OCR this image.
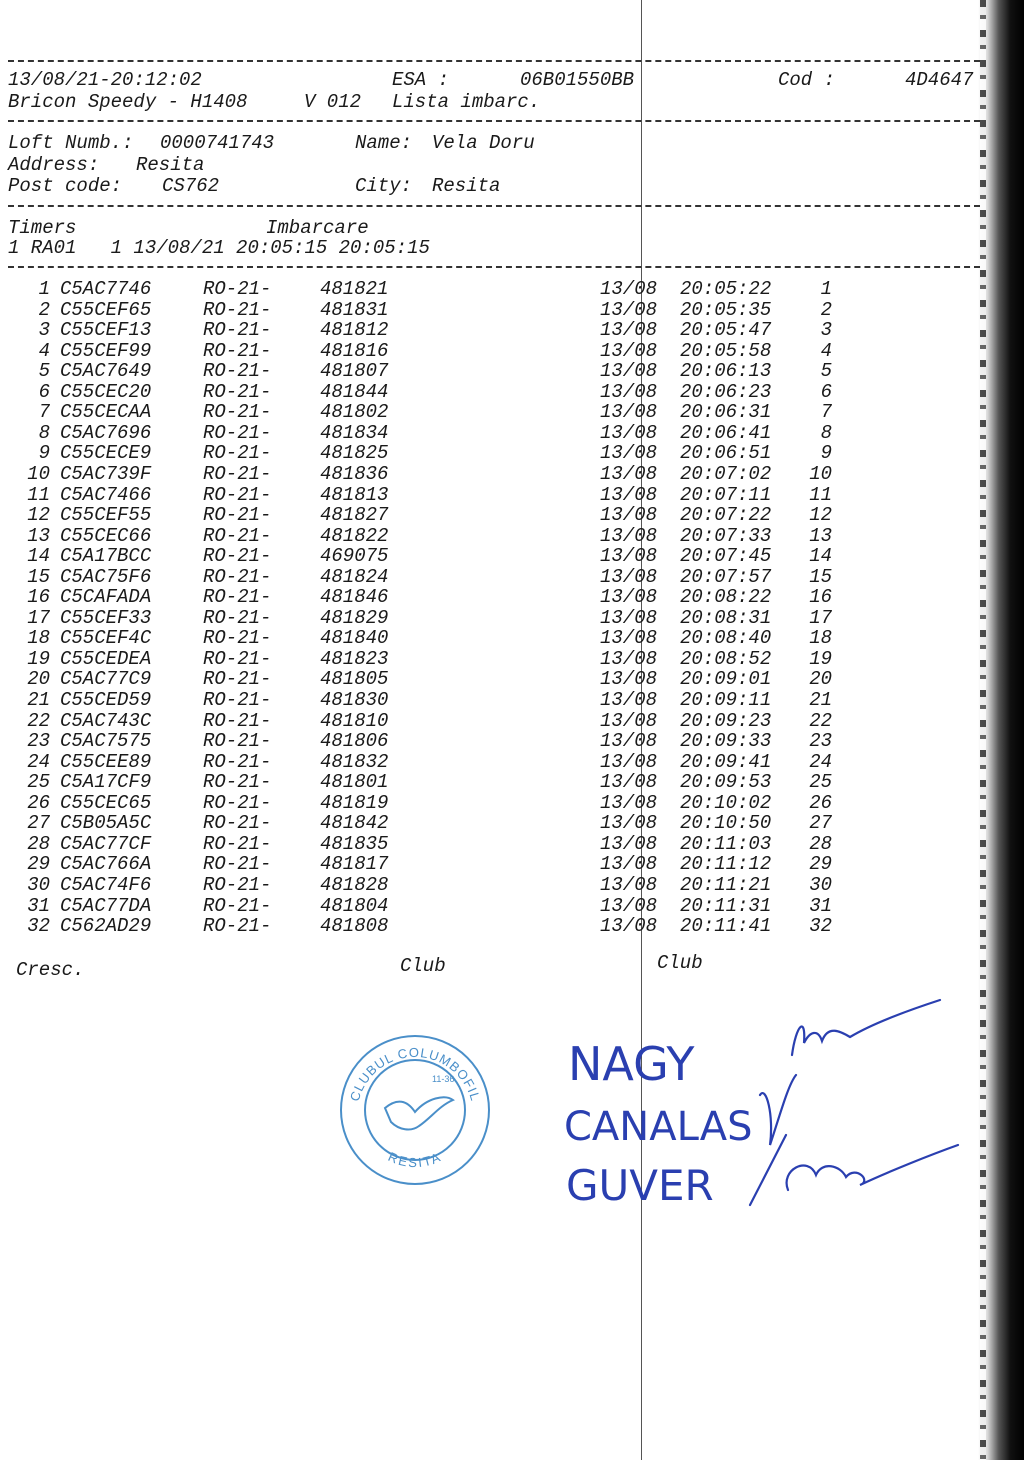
13/08/21-20:12:02	ESA :	06B01550BB	Cod :	4D4647
Bricon Speedy - H1408	V 012 Lista imbarc.
Loft Numb.: 0000741743	Name: Vela Doru
Address: Resita
Post code: CS762	City: Resita
Timers	Imbarcare
1 RA01   1 13/08/21 20:05:15 20:05:15
1 C5AC7746	RO-21-	481821	13/08 20:05:22	1
2 C55CEF65	RO-21-	481831	13/08 20:05:35	2
3 C55CEF13	RO-21-	481812	13/08 20:05:47	3
4 C55CEF99	RO-21-	481816	13/08 20:05:58	4
5 C5AC7649	RO-21-	481807	13/08 20:06:13	5
6 C55CEC20	RO-21-	481844	13/08 20:06:23	6
7 C55CECAA	RO-21-	481802	13/08 20:06:31	7
8 C5AC7696	RO-21-	481834	13/08 20:06:41	8
9 C55CECE9	RO-21-	481825	13/08 20:06:51	9
10 C5AC739F	RO-21-	481836	13/08 20:07:02	10
11 C5AC7466	RO-21-	481813	13/08 20:07:11	11
12 C55CEF55	RO-21-	481827	13/08 20:07:22	12
13 C55CEC66	RO-21-	481822	13/08 20:07:33	13
14 C5A17BCC	RO-21-	469075	13/08 20:07:45	14
15 C5AC75F6	RO-21-	481824	13/08 20:07:57	15
16 C5CAFADA	RO-21-	481846	13/08 20:08:22	16
17 C55CEF33	RO-21-	481829	13/08 20:08:31	17
18 C55CEF4C	RO-21-	481840	13/08 20:08:40	18
19 C55CEDEA	RO-21-	481823	13/08 20:08:52	19
20 C5AC77C9	RO-21-	481805	13/08 20:09:01	20
21 C55CED59	RO-21-	481830	13/08 20:09:11	21
22 C5AC743C	RO-21-	481810	13/08 20:09:23	22
23 C5AC7575	RO-21-	481806	13/08 20:09:33	23
24 C55CEE89	RO-21-	481832	13/08 20:09:41	24
25 C5A17CF9	RO-21-	481801	13/08 20:09:53	25
26 C55CEC65	RO-21-	481819	13/08 20:10:02	26
27 C5B05A5C	RO-21-	481842	13/08 20:10:50	27
28 C5AC77CF	RO-21-	481835	13/08 20:11:03	28
29 C5AC766A	RO-21-	481817	13/08 20:11:12	29
30 C5AC74F6	RO-21-	481828	13/08 20:11:21	30
31 C5AC77DA	RO-21-	481804	13/08 20:11:31	31
32 C562AD29	RO-21-	481808	13/08 20:11:41	32
Cresc.	Club	Club
CLUBUL COLUMBOFIL
11-36
RESITA
NAGY
CANALAS
GUVER
